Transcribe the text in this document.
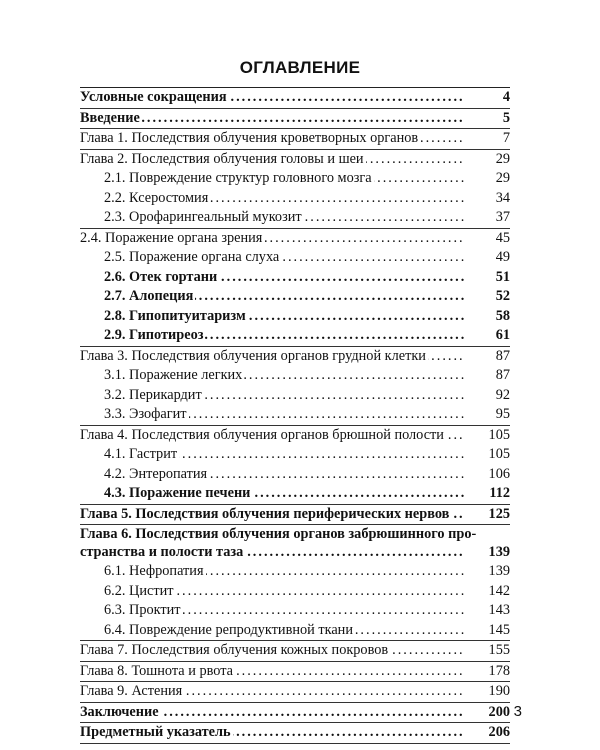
ОГЛАВЛЕНИЕ
Условные сокращения .....	4
Введение .....	5
Глава 1. Последствия облучения кроветворных органов .....	7
Глава 2. Последствия облучения головы и шеи .....	29
2.1. Повреждение структур головного мозга .....	29
2.2. Ксеростомия .....	34
2.3. Орофарингеальный мукозит .....	37
2.4. Поражение органа зрения .....	45
2.5. Поражение органа слуха .....	49
2.6. Отек гортани .....	51
2.7. Алопеция .....	52
2.8. Гипопитуитаризм .....	58
2.9. Гипотиреоз .....	61
Глава 3. Последствия облучения органов грудной клетки .....	87
3.1. Поражение легких .....	87
3.2. Перикардит .....	92
3.3. Эзофагит .....	95
Глава 4. Последствия облучения органов брюшной полости .....	105
4.1. Гастрит .....	105
4.2. Энтеропатия .....	106
4.3. Поражение печени .....	112
Глава 5. Последствия облучения периферических нервов .....	125
Глава 6. Последствия облучения органов забрюшинного про-
странства и полости таза .....	139
6.1. Нефропатия .....	139
6.2. Цистит .....	142
6.3. Проктит .....	143
6.4. Повреждение репродуктивной ткани .....	145
Глава 7. Последствия облучения кожных покровов .....	155
Глава 8. Тошнота и рвота .....	178
Глава 9. Астения .....	190
Заключение .....	200
Предметный указатель .....	206
3
